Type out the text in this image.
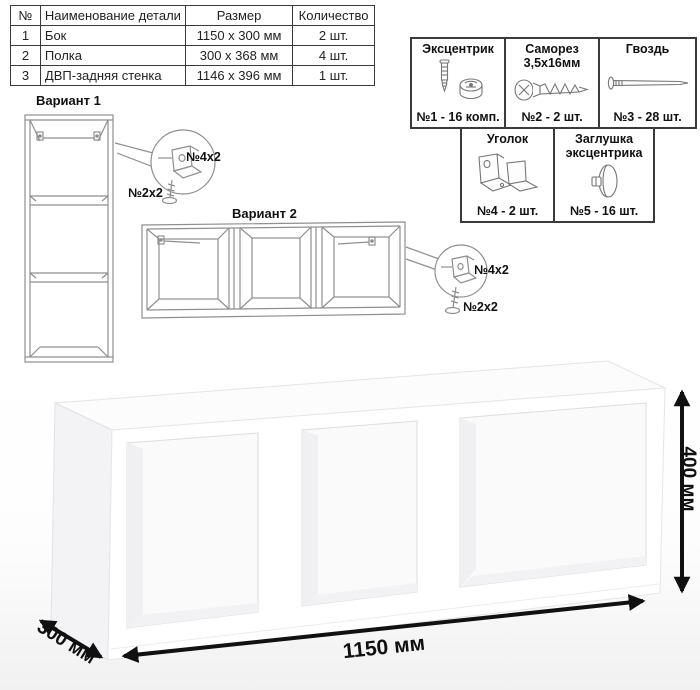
№	Наименование детали	Размер	Количество
1	Бок	1150 х 300 мм	2 шт.
2	Полка	300 х 368 мм	4 шт.
3	ДВП-задняя стенка	1146 х 396 мм	1 шт.
Эксцентрик
№1 - 16 комп.
Саморез 3,5х16мм
№2 - 2 шт.
Гвоздь
№3 - 28 шт.
Уголок
№4 - 2 шт.
Заглушка эксцентрика
№5 - 16 шт.
Вариант 1
Вариант 2
№4х2
№2х2
№4х2
№2х2
1150 мм
300 мм
400 мм
